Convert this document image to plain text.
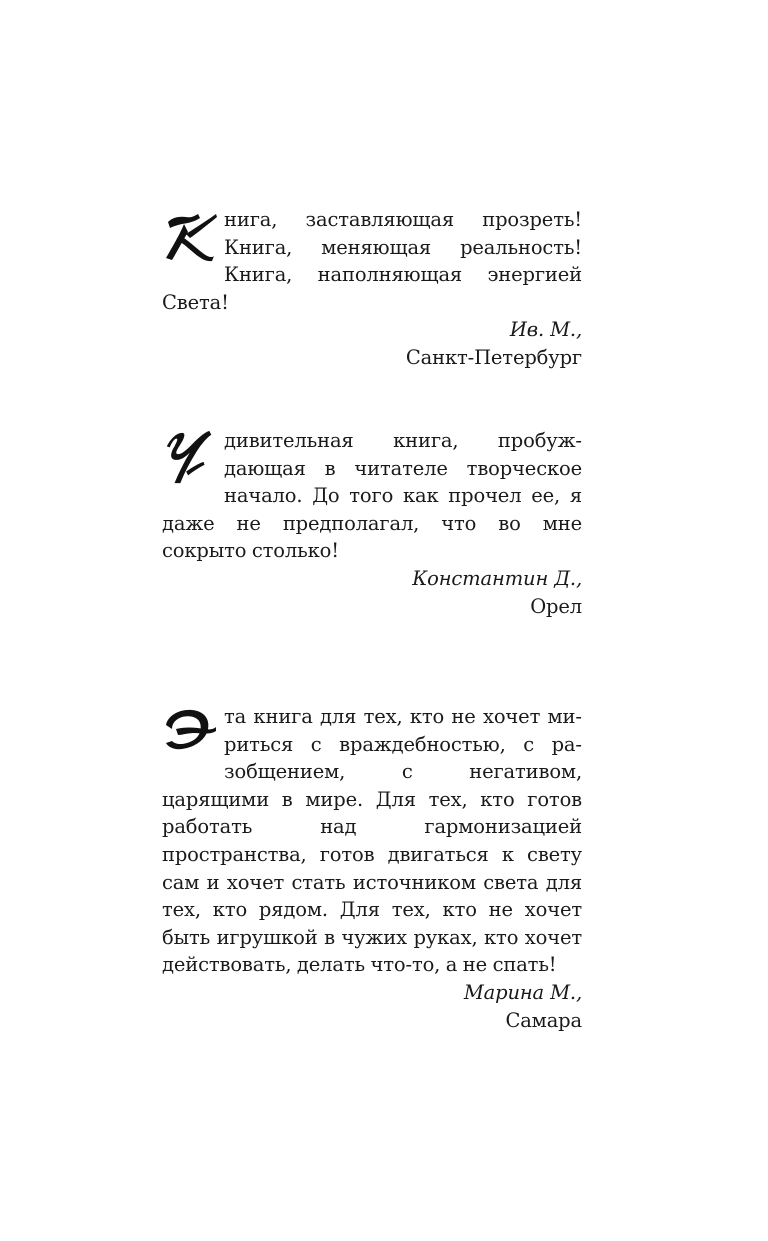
нига, заставляющая прозреть! Книга, меняющая реальность! Книга, наполняющая энергией Света!

Ив. М.,
Санкт-Петербург

дивительная книга, пробуждающая в читателе творческое начало. До того как прочел ее, я даже не предполагал, что во мне сокрыто столько!

Константин Д.,
Орел

та книга для тех, кто не хочет мириться с враждебностью, с разобщением, с негативом, царящими в мире. Для тех, кто готов работать над гармонизацией пространства, готов двигаться к свету сам и хочет стать источником света для тех, кто рядом. Для тех, кто не хочет быть игрушкой в чужих руках, кто хочет действовать, делать что-то, а не спать!

Марина М.,
Самара
